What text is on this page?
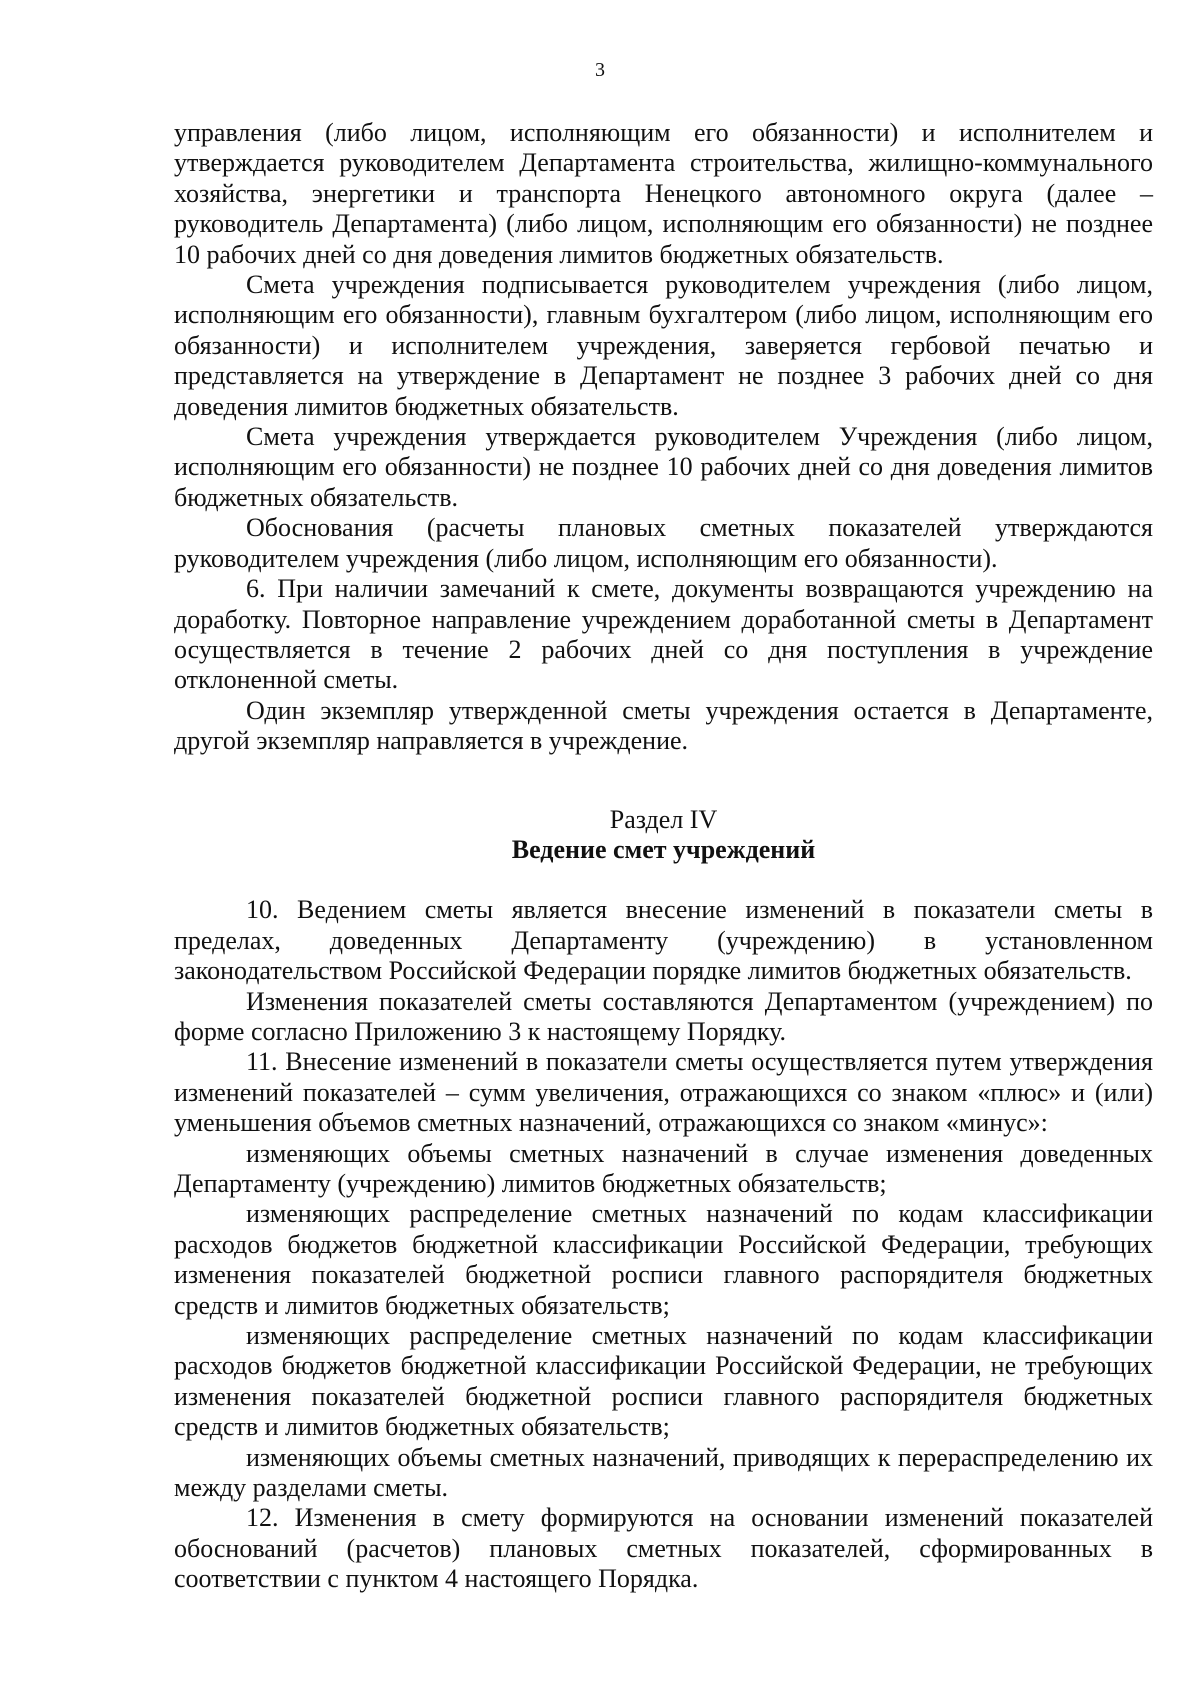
3

управления (либо лицом, исполняющим его обязанности) и исполнителем и утверждается руководителем Департамента строительства, жилищно-коммунального хозяйства, энергетики и транспорта Ненецкого автономного округа (далее – руководитель Департамента) (либо лицом, исполняющим его обязанности) не позднее 10 рабочих дней со дня доведения лимитов бюджетных обязательств.

Смета учреждения подписывается руководителем учреждения (либо лицом, исполняющим его обязанности), главным бухгалтером (либо лицом, исполняющим его обязанности) и исполнителем учреждения, заверяется гербовой печатью и представляется на утверждение в Департамент не позднее 3 рабочих дней со дня доведения лимитов бюджетных обязательств.

Смета учреждения утверждается руководителем Учреждения (либо лицом, исполняющим его обязанности) не позднее 10 рабочих дней со дня доведения лимитов бюджетных обязательств.

Обоснования (расчеты плановых сметных показателей утверждаются руководителем учреждения (либо лицом, исполняющим его обязанности).

6. При наличии замечаний к смете, документы возвращаются учреждению на доработку. Повторное направление учреждением доработанной сметы в Департамент осуществляется в течение 2 рабочих дней со дня поступления в учреждение отклоненной сметы.

Один экземпляр утвержденной сметы учреждения остается в Департаменте, другой экземпляр направляется в учреждение.

Раздел IV
Ведение смет учреждений

10. Ведением сметы является внесение изменений в показатели сметы в пределах, доведенных Департаменту (учреждению) в установленном законодательством Российской Федерации порядке лимитов бюджетных обязательств.

Изменения показателей сметы составляются Департаментом (учреждением) по форме согласно Приложению 3 к настоящему Порядку.

11. Внесение изменений в показатели сметы осуществляется путем утверждения изменений показателей – сумм увеличения, отражающихся со знаком «плюс» и (или) уменьшения объемов сметных назначений, отражающихся со знаком «минус»:

изменяющих объемы сметных назначений в случае изменения доведенных Департаменту (учреждению) лимитов бюджетных обязательств;

изменяющих распределение сметных назначений по кодам классификации расходов бюджетов бюджетной классификации Российской Федерации, требующих изменения показателей бюджетной росписи главного распорядителя бюджетных средств и лимитов бюджетных обязательств;

изменяющих распределение сметных назначений по кодам классификации расходов бюджетов бюджетной классификации Российской Федерации, не требующих изменения показателей бюджетной росписи главного распорядителя бюджетных средств и лимитов бюджетных обязательств;

изменяющих объемы сметных назначений, приводящих к перераспределению их между разделами сметы.

12. Изменения в смету формируются на основании изменений показателей обоснований (расчетов) плановых сметных показателей, сформированных в соответствии с пунктом 4 настоящего Порядка.
